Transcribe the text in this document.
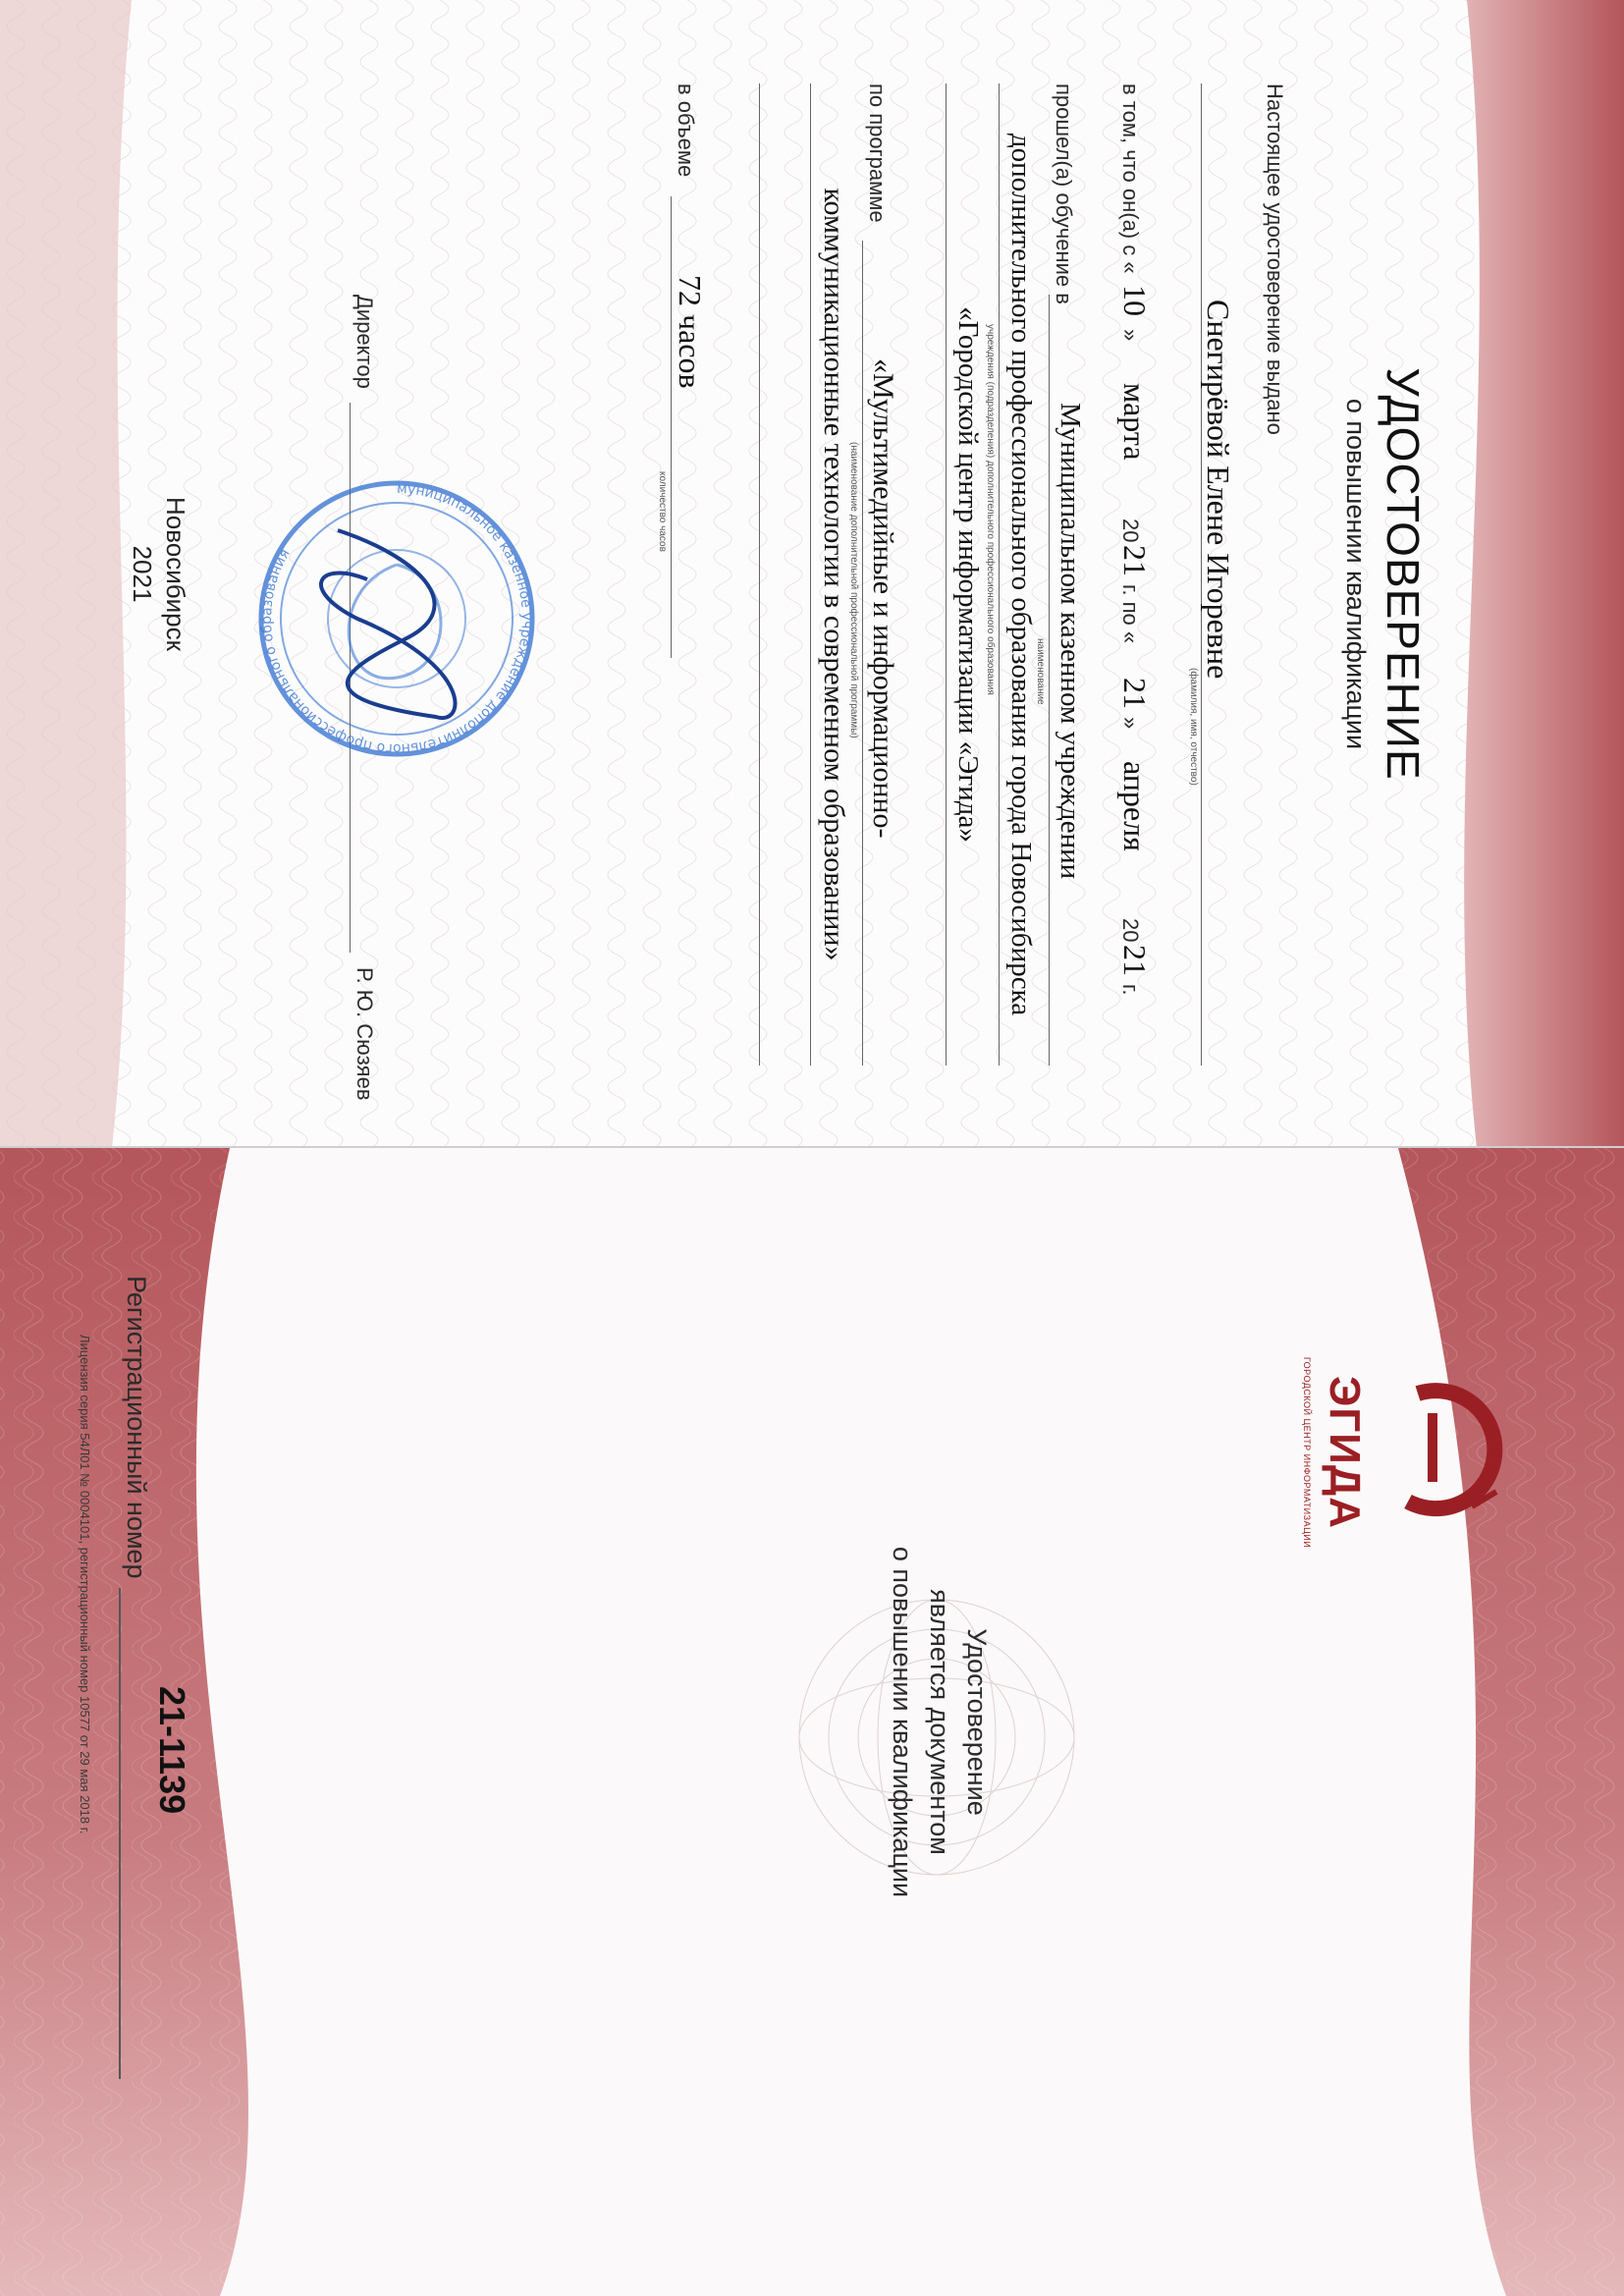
ЭГИДА
ГОРОДСКОЙ ЦЕНТР ИНФОРМАТИЗАЦИИ
Удостоверение
является документом
о повышении квалификации
Регистрационный номер
21-1139
Лицензия серия 54Л01 № 0004101, регистрационный номер 10577 от 29 мая 2018 г.
УДОСТОВЕРЕНИЕ
о повышении квалификации
Настоящее удостоверение выдано
Снегирёвой Елене Игоревне
(фамилия, имя, отчество)
в том, что он(а) с «
10
»
марта
20
21
г. по «
21
»
апреля
20
21
г.
прошел(а) обучение в
Муниципальном казенном учреждении
наименование
дополнительного профессионального образования города Новосибирска
учреждения (подразделения) дополнительного профессионального образования
«Городской центр информатизации «Эгида»
по программе
«Мультимедийные и информационно-
(наименование дополнительной профессиональной программы)
коммуникационные технологии в современном образовании»
в объеме
72 часов
количество часов
Директор
Р. Ю. Сюзяев
муниципальное казенное учреждение дополнительного профессионального образования
Новосибирск
2021
